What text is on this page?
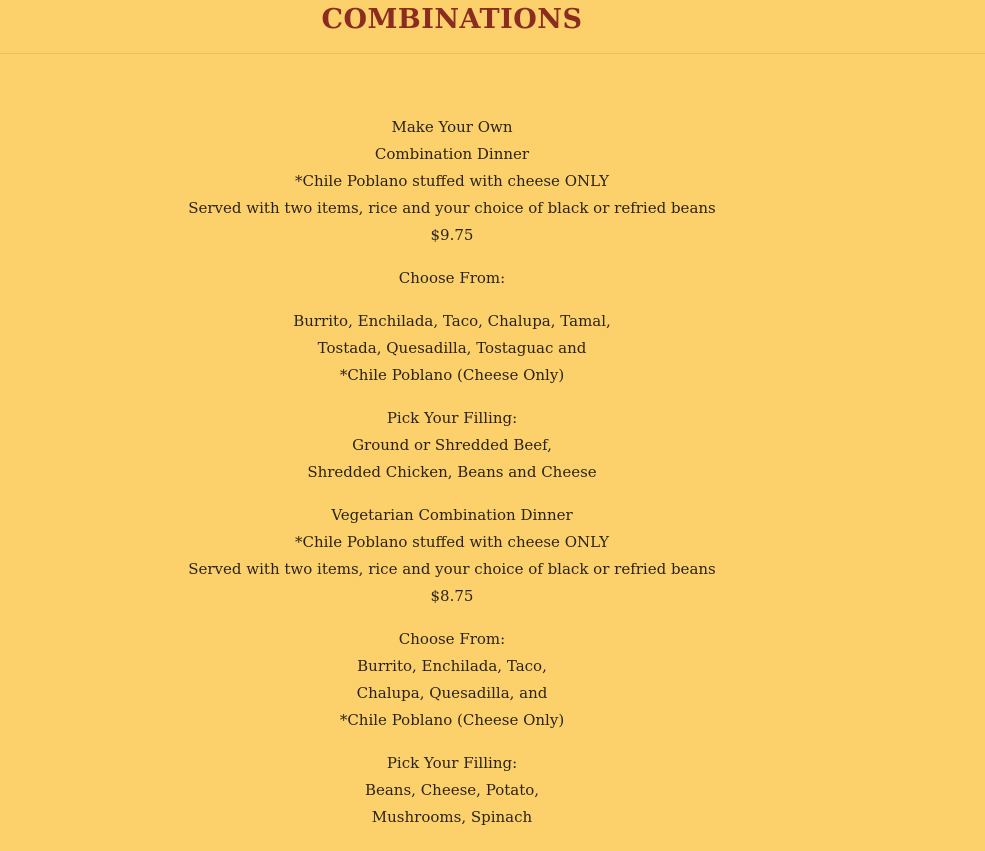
COMBINATIONS
Make Your Own
Combination Dinner
*Chile Poblano stuffed with cheese ONLY
Served with two items, rice and your choice of black or refried beans
$9.75
Choose From:
Burrito, Enchilada, Taco, Chalupa, Tamal,
Tostada, Quesadilla, Tostaguac and
*Chile Poblano (Cheese Only)
Pick Your Filling:
Ground or Shredded Beef,
Shredded Chicken, Beans and Cheese
Vegetarian Combination Dinner
*Chile Poblano stuffed with cheese ONLY
Served with two items, rice and your choice of black or refried beans
$8.75
Choose From:
Burrito, Enchilada, Taco,
Chalupa, Quesadilla, and
*Chile Poblano (Cheese Only)
Pick Your Filling:
Beans, Cheese, Potato,
Mushrooms, Spinach
